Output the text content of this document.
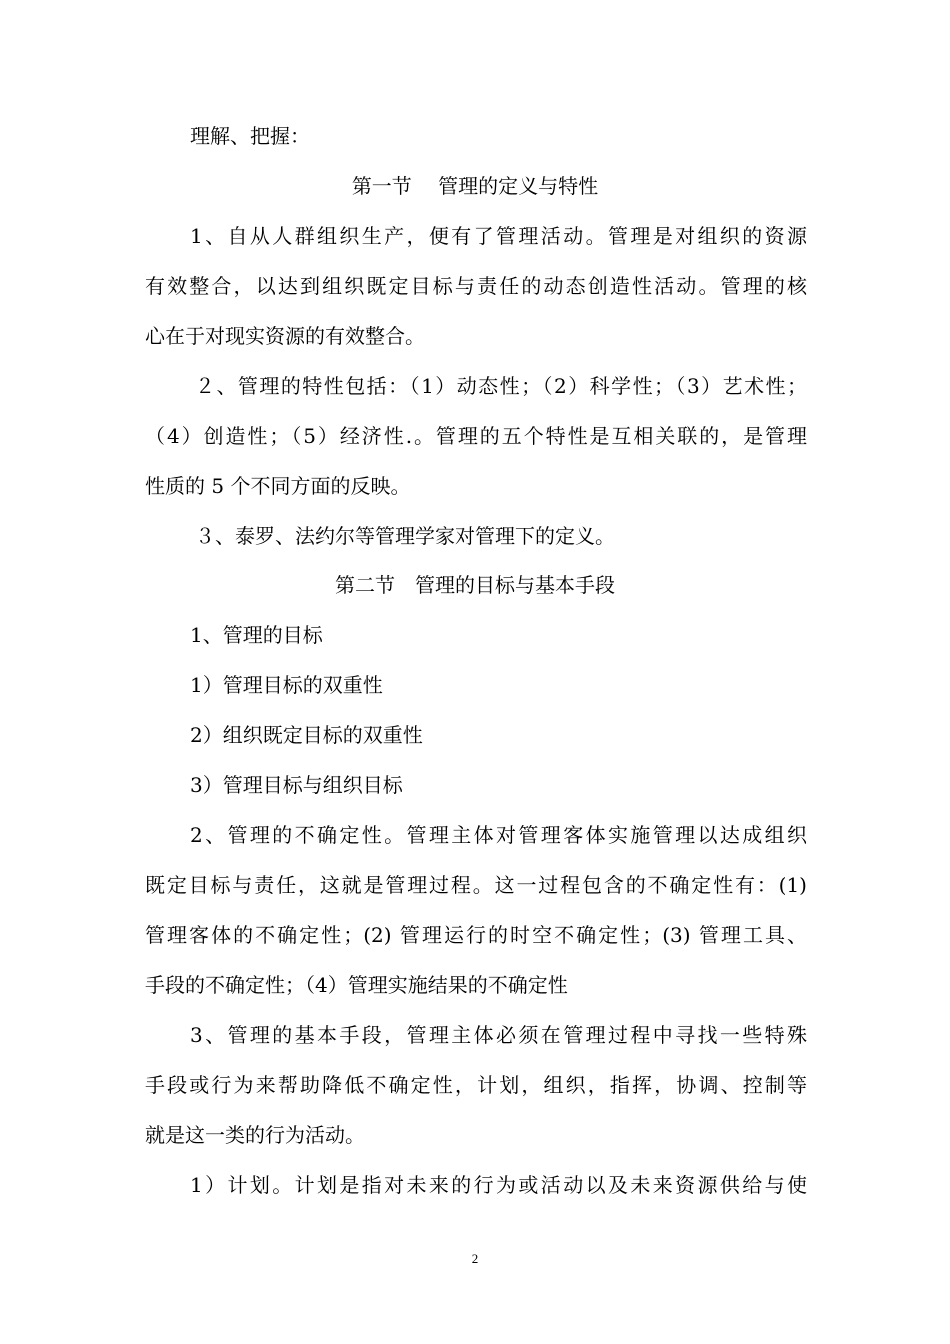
理解、把握：
第一节　 管理的定义与特性
1、自从人群组织生产，便有了管理活动。管理是对组织的资源
有效整合，以达到组织既定目标与责任的动态创造性活动。管理的核
心在于对现实资源的有效整合。
２、管理的特性包括：（1）动态性；（2）科学性；（3）艺术性；
（4）创造性；（5）经济性.。管理的五个特性是互相关联的，是管理
性质的 5 个不同方面的反映。
３、泰罗、法约尔等管理学家对管理下的定义。
第二节　管理的目标与基本手段
1、管理的目标
1）管理目标的双重性
2）组织既定目标的双重性
3）管理目标与组织目标
2、管理的不确定性。管理主体对管理客体实施管理以达成组织
既定目标与责任，这就是管理过程。这一过程包含的不确定性有：(1)
管理客体的不确定性；(2) 管理运行的时空不确定性；(3) 管理工具、
手段的不确定性；（4）管理实施结果的不确定性
3、管理的基本手段，管理主体必须在管理过程中寻找一些特殊
手段或行为来帮助降低不确定性，计划，组织，指挥，协调、控制等
就是这一类的行为活动。
1）计划。计划是指对未来的行为或活动以及未来资源供给与使
2
